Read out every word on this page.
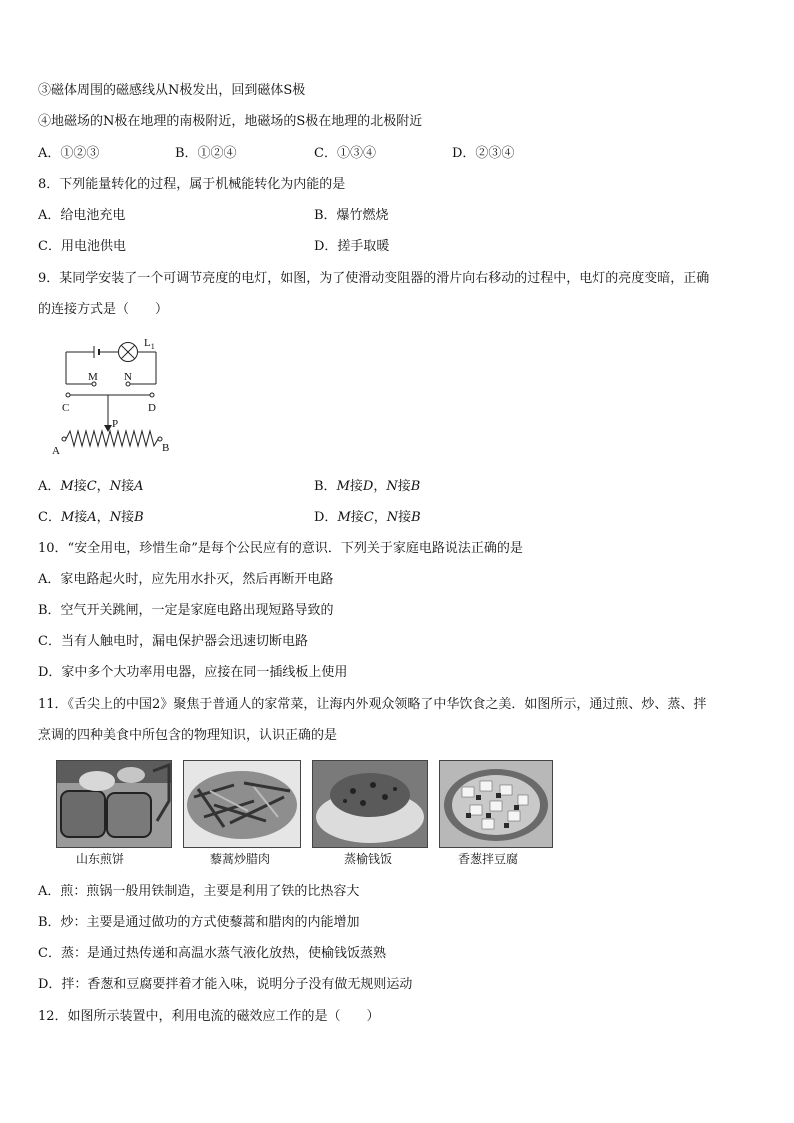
③磁体周围的磁感线从N极发出，回到磁体S极
④地磁场的N极在地理的南极附近，地磁场的S极在地理的北极附近
A．①②③	B．①②④	C．①③④	D．②③④
8．下列能量转化的过程，属于机械能转化为内能的是
A．给电池充电	B．爆竹燃烧
C．用电池供电	D．搓手取暖
9．某同学安装了一个可调节亮度的电灯，如图，为了使滑动变阻器的滑片向右移动的过程中，电灯的亮度变暗，正确
的连接方式是（　　）
$L_1$
M N
C	D
P
A	B
A．M接C，N接A	B．M接D，N接B
C．M接A，N接B	D．M接C，N接B
10．“安全用电，珍惜生命”是每个公民应有的意识．下列关于家庭电路说法正确的是
A．家电路起火时，应先用水扑灭，然后再断开电路
B．空气开关跳闸，一定是家庭电路出现短路导致的
C．当有人触电时，漏电保护器会迅速切断电路
D．家中多个大功率用电器，应接在同一插线板上使用
11．《舌尖上的中国2》聚焦于普通人的家常菜，让海内外观众领略了中华饮食之美．如图所示，通过煎、炒、蒸、拌
烹调的四种美食中所包含的物理知识，认识正确的是
山东煎饼	藜蒿炒腊肉	蒸榆钱饭	香葱拌豆腐
A．煎：煎锅一般用铁制造，主要是利用了铁的比热容大
B．炒：主要是通过做功的方式使藜蒿和腊肉的内能增加
C．蒸：是通过热传递和高温水蒸气液化放热，使榆钱饭蒸熟
D．拌：香葱和豆腐要拌着才能入味，说明分子没有做无规则运动
12．如图所示装置中，利用电流的磁效应工作的是（　　）
